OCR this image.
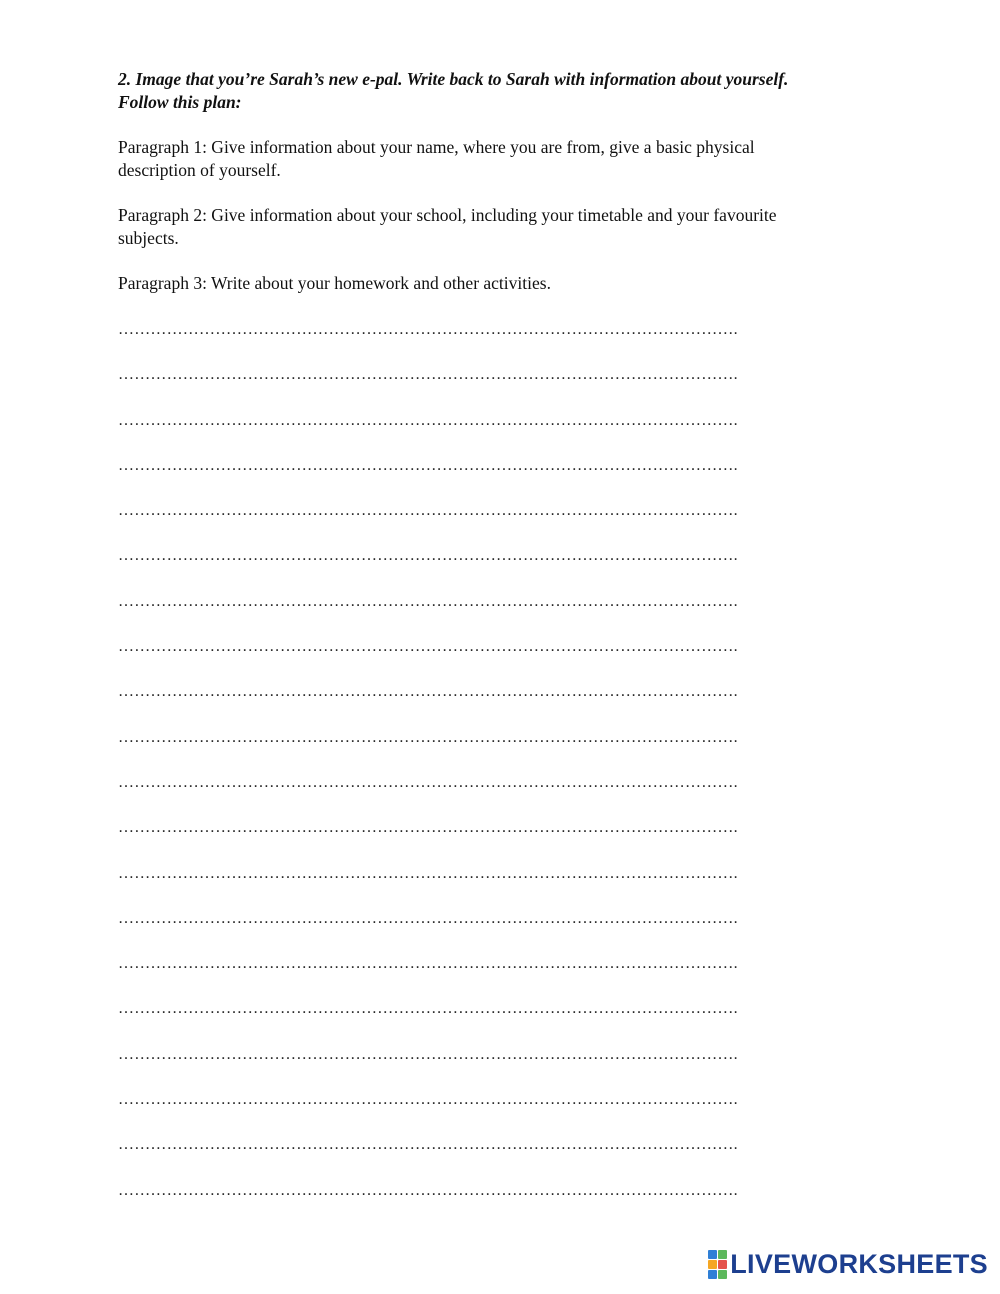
2. Image that you’re Sarah’s new e-pal. Write back to Sarah with information about yourself.
Follow this plan:

Paragraph 1: Give information about your name, where you are from, give a basic physical
description of yourself.

Paragraph 2: Give information about your school, including your timetable and your favourite
subjects.

Paragraph 3: Write about your homework and other activities.

…………………………………………………………………………………………………….
…………………………………………………………………………………………………….
…………………………………………………………………………………………………….
…………………………………………………………………………………………………….
…………………………………………………………………………………………………….
…………………………………………………………………………………………………….
…………………………………………………………………………………………………….
…………………………………………………………………………………………………….
…………………………………………………………………………………………………….
…………………………………………………………………………………………………….
…………………………………………………………………………………………………….
…………………………………………………………………………………………………….
…………………………………………………………………………………………………….
…………………………………………………………………………………………………….
…………………………………………………………………………………………………….
…………………………………………………………………………………………………….
…………………………………………………………………………………………………….
…………………………………………………………………………………………………….
…………………………………………………………………………………………………….
…………………………………………………………………………………………………….
LIVEWORKSHEETS
